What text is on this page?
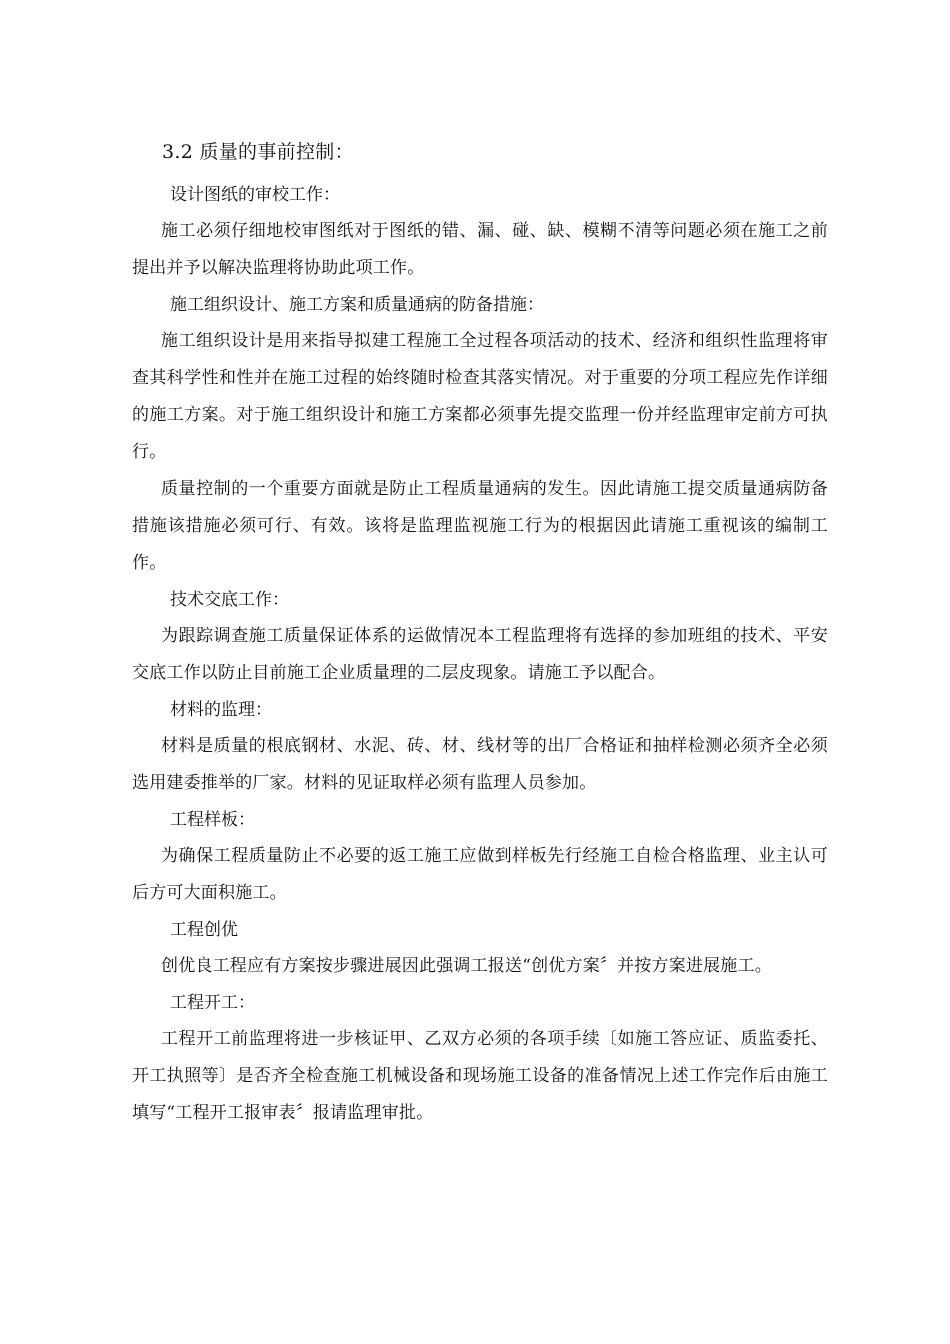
3.2 质量的事前控制：

设计图纸的审校工作：

施工必须仔细地校审图纸对于图纸的错、漏、碰、缺、模糊不清等问题必须在施工之前提出并予以解决监理将协助此项工作。

施工组织设计、施工方案和质量通病的防备措施：

施工组织设计是用来指导拟建工程施工全过程各项活动的技术、经济和组织性监理将审查其科学性和性并在施工过程的始终随时检查其落实情况。对于重要的分项工程应先作详细的施工方案。对于施工组织设计和施工方案都必须事先提交监理一份并经监理审定前方可执行。

质量控制的一个重要方面就是防止工程质量通病的发生。因此请施工提交质量通病防备措施该措施必须可行、有效。该将是监理监视施工行为的根据因此请施工重视该的编制工作。

技术交底工作：

为跟踪调查施工质量保证体系的运做情况本工程监理将有选择的参加班组的技术、平安交底工作以防止目前施工企业质量理的二层皮现象。请施工予以配合。

材料的监理：

材料是质量的根底钢材、水泥、砖、材、线材等的出厂合格证和抽样检测必须齐全必须选用建委推举的厂家。材料的见证取样必须有监理人员参加。

工程样板：

为确保工程质量防止不必要的返工施工应做到样板先行经施工自检合格监理、业主认可后方可大面积施工。

工程创优

创优良工程应有方案按步骤进展因此强调工报送“创优方案〞并按方案进展施工。

工程开工：

工程开工前监理将进一步核证甲、乙双方必须的各项手续〔如施工答应证、质监委托、开工执照等〕是否齐全检查施工机械设备和现场施工设备的准备情况上述工作完作后由施工填写“工程开工报审表〞报请监理审批。
